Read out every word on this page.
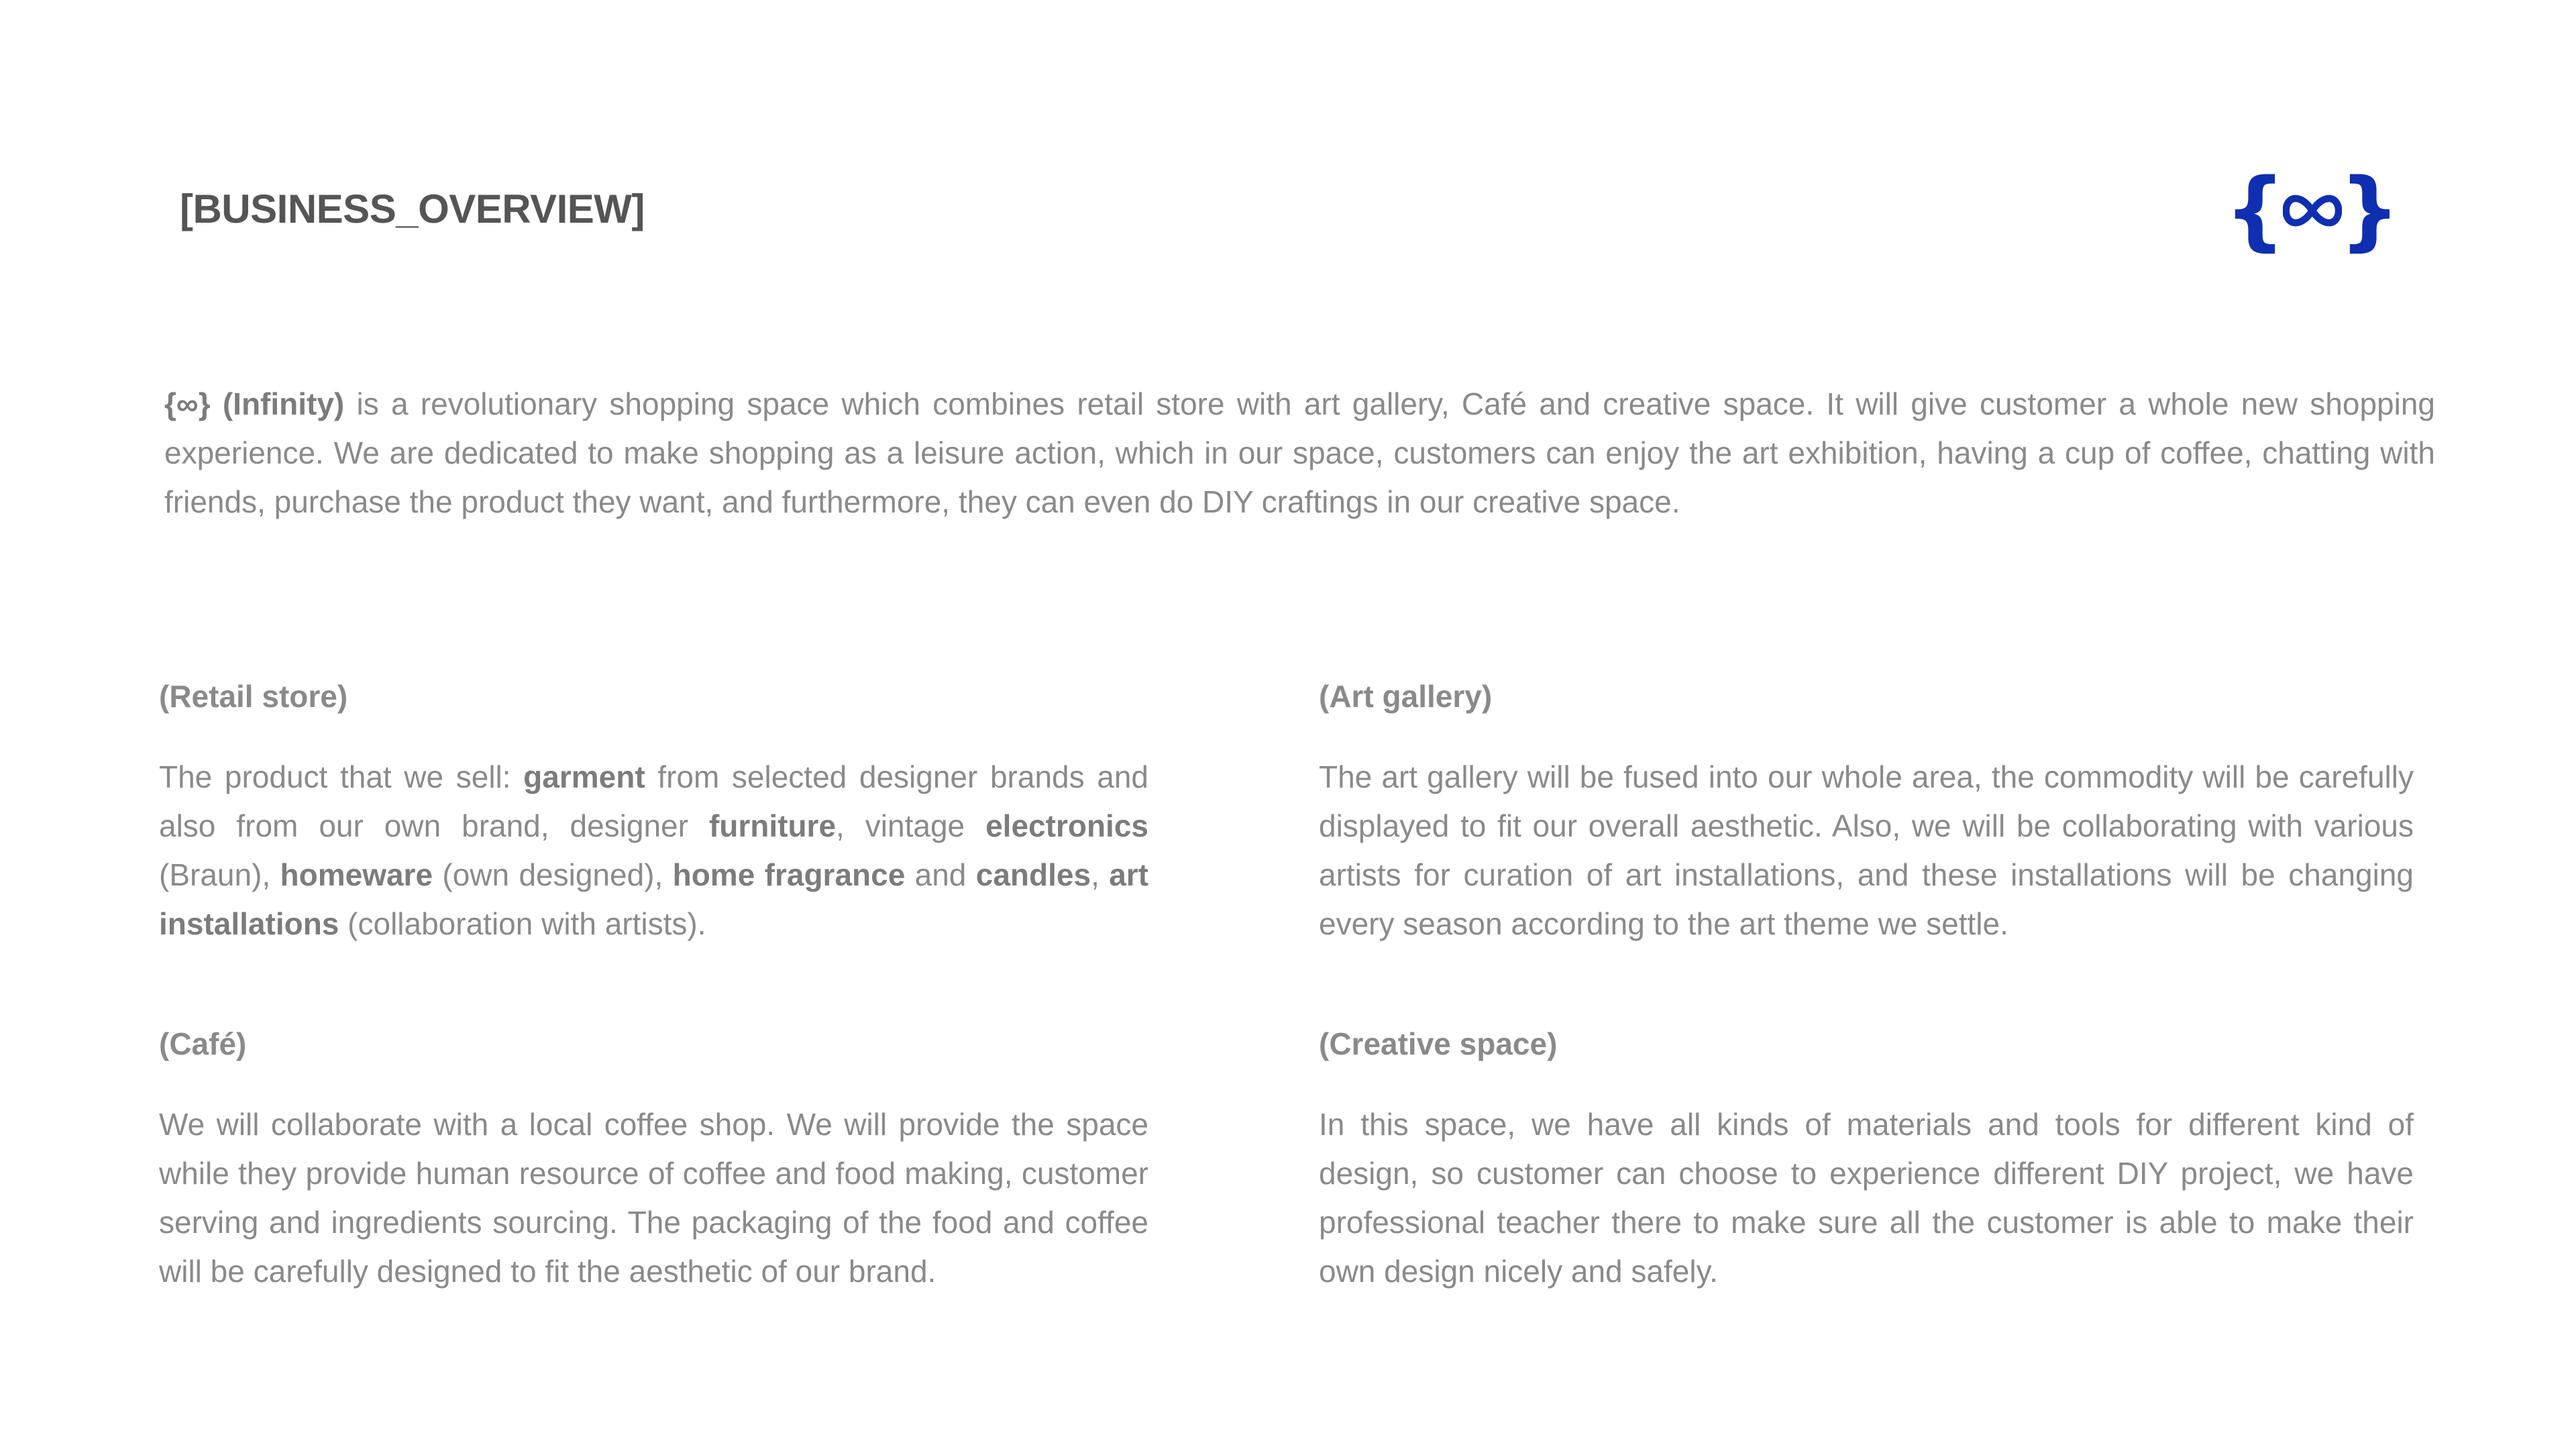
[BUSINESS_OVERVIEW]	{ }

{∞} (Infinity) is a revolutionary shopping space which combines retail store with art gallery, Café and creative space. It will give customer a whole new shopping experience. We are dedicated to make shopping as a leisure action, which in our space, customers can enjoy the art exhibition, having a cup of coffee, chatting with friends, purchase the product they want, and furthermore, they can even do DIY craftings in our creative space.

(Retail store)

The product that we sell: garment from selected designer brands and also from our own brand, designer furniture, vintage electronics (Braun), homeware (own designed), home fragrance and candles, art installations (collaboration with artists).

(Art gallery)

The art gallery will be fused into our whole area, the commodity will be carefully displayed to fit our overall aesthetic. Also, we will be collaborating with various artists for curation of art installations, and these installations will be changing every season according to the art theme we settle.

(Café)

We will collaborate with a local coffee shop. We will provide the space while they provide human resource of coffee and food making, customer serving and ingredients sourcing. The packaging of the food and coffee will be carefully designed to fit the aesthetic of our brand.

(Creative space)

In this space, we have all kinds of materials and tools for different kind of design, so customer can choose to experience different DIY project, we have professional teacher there to make sure all the customer is able to make their own design nicely and safely.
